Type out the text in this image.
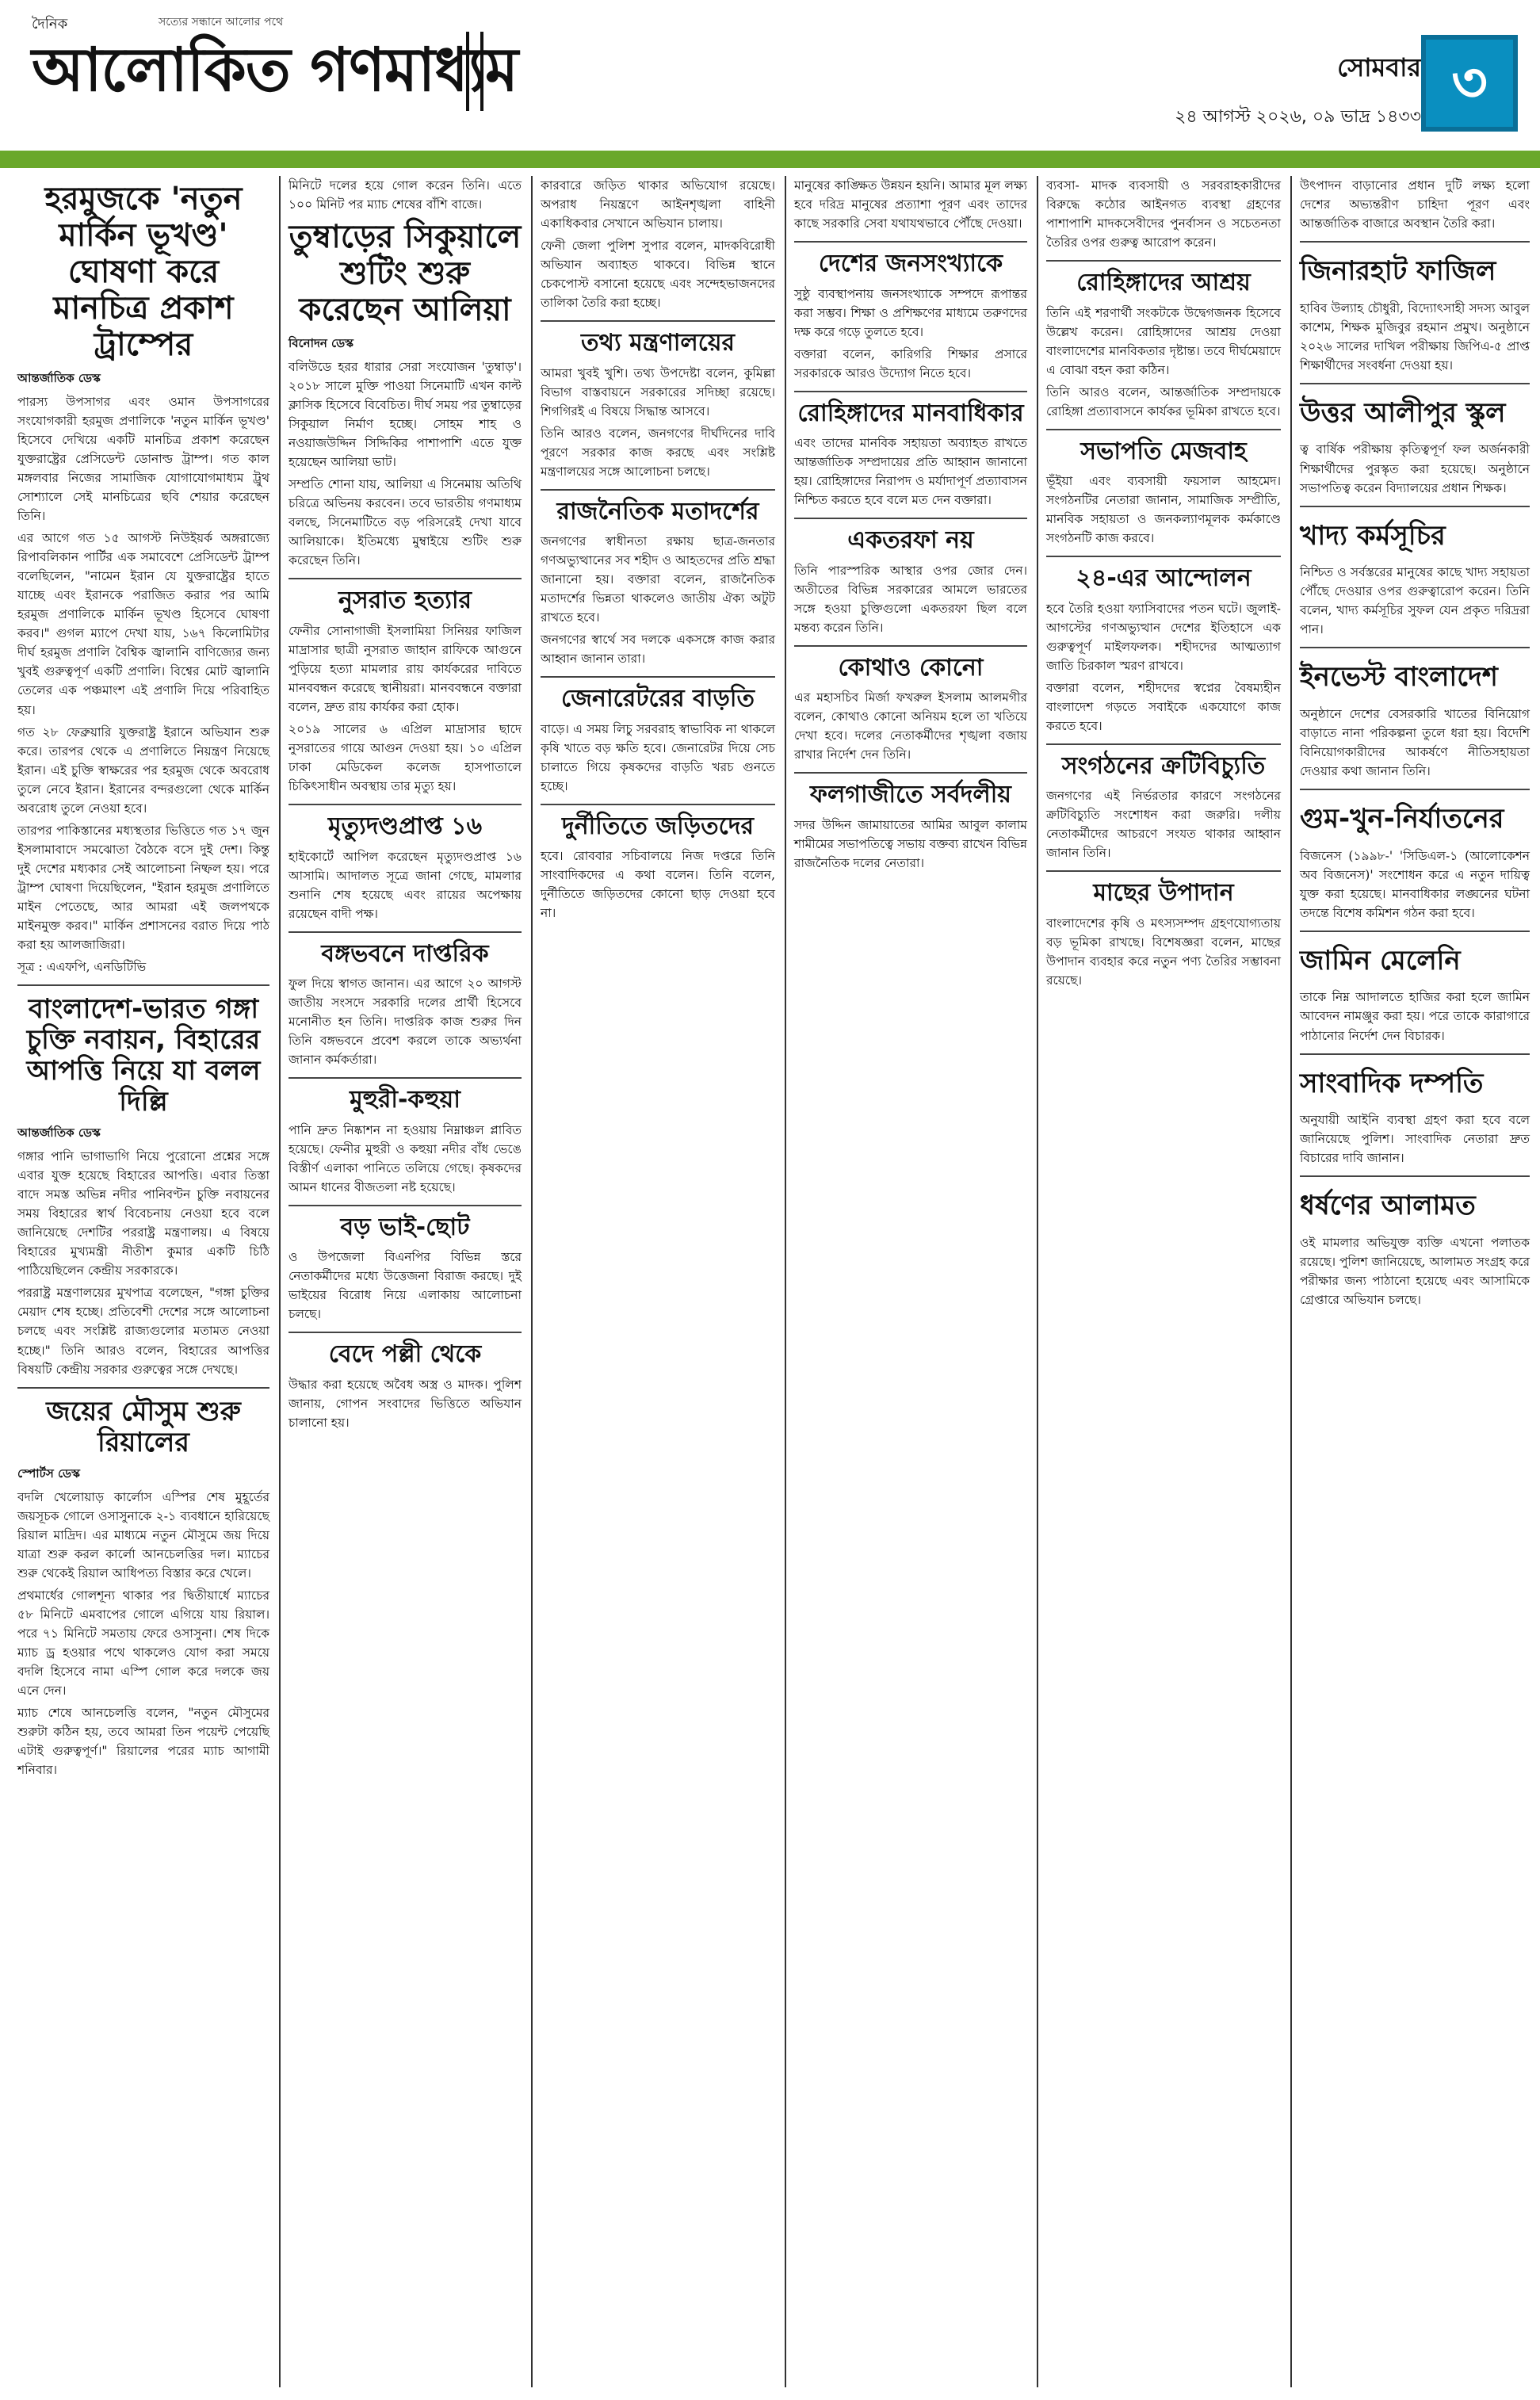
দৈনিক	সত্যের সন্ধানে আলোর পথে
আলোকিত গণমাধ্যম	সোমবার
২৪ আগস্ট ২০২৬, ০৯ ভাদ্র ১৪৩৩
৩
হরমুজকে 'নতুন মার্কিন ভূখণ্ড' ঘোষণা করে মানচিত্র প্রকাশ ট্রাম্পের
আন্তর্জাতিক ডেস্ক

পারস্য উপসাগর এবং ওমান উপসাগরের সংযোগকারী হরমুজ প্রণালিকে 'নতুন মার্কিন ভূখণ্ড' হিসেবে দেখিয়ে একটি মানচিত্র প্রকাশ করেছেন যুক্তরাষ্ট্রের প্রেসিডেন্ট ডোনাল্ড ট্রাম্প। গত কাল মঙ্গলবার নিজের সামাজিক যোগাযোগমাধ্যম ট্রুথ সোশ্যালে সেই মানচিত্রের ছবি শেয়ার করেছেন তিনি।

এর আগে গত ১৫ আগস্ট নিউইয়র্ক অঙ্গরাজ্যে রিপাবলিকান পার্টির এক সমাবেশে প্রেসিডেন্ট ট্রাম্প বলেছিলেন, "নামেন ইরান যে যুক্তরাষ্ট্রের হাতে যাচ্ছে এবং ইরানকে পরাজিত করার পর আমি হরমুজ প্রণালিকে মার্কিন ভূখণ্ড হিসেবে ঘোষণা করব।" গুগল ম্যাপে দেখা যায়, ১৬৭ কিলোমিটার দীর্ঘ হরমুজ প্রণালি বৈশ্বিক জ্বালানি বাণিজ্যের জন্য খুবই গুরুত্বপূর্ণ একটি প্রণালি। বিশ্বের মোট জ্বালানি তেলের এক পঞ্চমাংশ এই প্রণালি দিয়ে পরিবাহিত হয়।

গত ২৮ ফেব্রুয়ারি যুক্তরাষ্ট্র ইরানে অভিযান শুরু করে। তারপর থেকে এ প্রণালিতে নিয়ন্ত্রণ নিয়েছে ইরান। এই চুক্তি স্বাক্ষরের পর হরমুজ থেকে অবরোধ তুলে নেবে ইরান। ইরানের বন্দরগুলো থেকে মার্কিন অবরোধ তুলে নেওয়া হবে।

তারপর পাকিস্তানের মধ্যস্থতার ভিত্তিতে গত ১৭ জুন ইসলামাবাদে সমঝোতা বৈঠকে বসে দুই দেশ। কিন্তু দুই দেশের মধ্যকার সেই আলোচনা নিষ্ফল হয়। পরে ট্রাম্প ঘোষণা দিয়েছিলেন, "ইরান হরমুজ প্রণালিতে মাইন পেতেছে, আর আমরা এই জলপথকে মাইনমুক্ত করব।" মার্কিন প্রশাসনের বরাত দিয়ে পাঠ করা হয় আলজাজিরা।

সূত্র : এএফপি, এনডিটিভি

বাংলাদেশ-ভারত গঙ্গা চুক্তি নবায়ন, বিহারের আপত্তি নিয়ে যা বলল দিল্লি
আন্তর্জাতিক ডেস্ক

গঙ্গার পানি ভাগাভাগি নিয়ে পুরোনো প্রশ্নের সঙ্গে এবার যুক্ত হয়েছে বিহারের আপত্তি। এবার তিস্তা বাদে সমস্ত অভিন্ন নদীর পানিবণ্টন চুক্তি নবায়নের সময় বিহারের স্বার্থ বিবেচনায় নেওয়া হবে বলে জানিয়েছে দেশটির পররাষ্ট্র মন্ত্রণালয়। এ বিষয়ে বিহারের মুখ্যমন্ত্রী নীতীশ কুমার একটি চিঠি পাঠিয়েছিলেন কেন্দ্রীয় সরকারকে।

পররাষ্ট্র মন্ত্রণালয়ের মুখপাত্র বলেছেন, "গঙ্গা চুক্তির মেয়াদ শেষ হচ্ছে। প্রতিবেশী দেশের সঙ্গে আলোচনা চলছে এবং সংশ্লিষ্ট রাজ্যগুলোর মতামত নেওয়া হচ্ছে।" তিনি আরও বলেন, বিহারের আপত্তির বিষয়টি কেন্দ্রীয় সরকার গুরুত্বের সঙ্গে দেখছে।

জয়ের মৌসুম শুরু রিয়ালের
স্পোর্টস ডেস্ক

বদলি খেলোয়াড় কার্লোস এস্পির শেষ মুহূর্তের জয়সূচক গোলে ওসাসুনাকে ২-১ ব্যবধানে হারিয়েছে রিয়াল মাদ্রিদ। এর মাধ্যমে নতুন মৌসুমে জয় দিয়ে যাত্রা শুরু করল কার্লো আনচেলত্তির দল। ম্যাচের শুরু থেকেই রিয়াল আধিপত্য বিস্তার করে খেলে।

প্রথমার্ধের গোলশূন্য থাকার পর দ্বিতীয়ার্ধে ম্যাচের ৫৮ মিনিটে এমবাপের গোলে এগিয়ে যায় রিয়াল। পরে ৭১ মিনিটে সমতায় ফেরে ওসাসুনা। শেষ দিকে ম্যাচ ড্র হওয়ার পথে থাকলেও যোগ করা সময়ে বদলি হিসেবে নামা এস্পি গোল করে দলকে জয় এনে দেন।

ম্যাচ শেষে আনচেলত্তি বলেন, "নতুন মৌসুমের শুরুটা কঠিন হয়, তবে আমরা তিন পয়েন্ট পেয়েছি এটাই গুরুত্বপূর্ণ।" রিয়ালের পরের ম্যাচ আগামী শনিবার।

মিনিটে দলের হয়ে গোল করেন তিনি। এতে ১০০ মিনিট পর ম্যাচ শেষের বাঁশি বাজে।

তুম্বাড়ের সিকুয়ালে শুটিং শুরু করেছেন আলিয়া
বিনোদন ডেস্ক

বলিউডে হরর ধারার সেরা সংযোজন 'তুম্বাড়'। ২০১৮ সালে মুক্তি পাওয়া সিনেমাটি এখন কাল্ট ক্লাসিক হিসেবে বিবেচিত। দীর্ঘ সময় পর তুম্বাড়ের সিকুয়াল নির্মাণ হচ্ছে। সোহম শাহ ও নওয়াজউদ্দিন সিদ্দিকির পাশাপাশি এতে যুক্ত হয়েছেন আলিয়া ভাট।

সম্প্রতি শোনা যায়, আলিয়া এ সিনেমায় অতিথি চরিত্রে অভিনয় করবেন। তবে ভারতীয় গণমাধ্যম বলছে, সিনেমাটিতে বড় পরিসরেই দেখা যাবে আলিয়াকে। ইতিমধ্যে মুম্বাইয়ে শুটিং শুরু করেছেন তিনি।

নুসরাত হত্যার

ফেনীর সোনাগাজী ইসলামিয়া সিনিয়র ফাজিল মাদ্রাসার ছাত্রী নুসরাত জাহান রাফিকে আগুনে পুড়িয়ে হত্যা মামলার রায় কার্যকরের দাবিতে মানববন্ধন করেছে স্থানীয়রা। মানববন্ধনে বক্তারা বলেন, দ্রুত রায় কার্যকর করা হোক।

২০১৯ সালের ৬ এপ্রিল মাদ্রাসার ছাদে নুসরাতের গায়ে আগুন দেওয়া হয়। ১০ এপ্রিল ঢাকা মেডিকেল কলেজ হাসপাতালে চিকিৎসাধীন অবস্থায় তার মৃত্যু হয়।

মৃত্যুদণ্ডপ্রাপ্ত ১৬

হাইকোর্টে আপিল করেছেন মৃত্যুদণ্ডপ্রাপ্ত ১৬ আসামি। আদালত সূত্রে জানা গেছে, মামলার শুনানি শেষ হয়েছে এবং রায়ের অপেক্ষায় রয়েছেন বাদী পক্ষ।

বঙ্গভবনে দাপ্তরিক

ফুল দিয়ে স্বাগত জানান। এর আগে ২০ আগস্ট জাতীয় সংসদে সরকারি দলের প্রার্থী হিসেবে মনোনীত হন তিনি। দাপ্তরিক কাজ শুরুর দিন তিনি বঙ্গভবনে প্রবেশ করলে তাকে অভ্যর্থনা জানান কর্মকর্তারা।

মুহুরী-কহুয়া

পানি দ্রুত নিষ্কাশন না হওয়ায় নিম্নাঞ্চল প্লাবিত হয়েছে। ফেনীর মুহুরী ও কহুয়া নদীর বাঁধ ভেঙে বিস্তীর্ণ এলাকা পানিতে তলিয়ে গেছে। কৃষকদের আমন ধানের বীজতলা নষ্ট হয়েছে।

বড় ভাই-ছোট

ও উপজেলা বিএনপির বিভিন্ন স্তরে নেতাকর্মীদের মধ্যে উত্তেজনা বিরাজ করছে। দুই ভাইয়ের বিরোধ নিয়ে এলাকায় আলোচনা চলছে।

বেদে পল্লী থেকে

উদ্ধার করা হয়েছে অবৈধ অস্ত্র ও মাদক। পুলিশ জানায়, গোপন সংবাদের ভিত্তিতে অভিযান চালানো হয়।

কারবারে জড়িত থাকার অভিযোগ রয়েছে। অপরাধ নিয়ন্ত্রণে আইনশৃঙ্খলা বাহিনী একাধিকবার সেখানে অভিযান চালায়।

ফেনী জেলা পুলিশ সুপার বলেন, মাদকবিরোধী অভিযান অব্যাহত থাকবে। বিভিন্ন স্থানে চেকপোস্ট বসানো হয়েছে এবং সন্দেহভাজনদের তালিকা তৈরি করা হচ্ছে।

তথ্য মন্ত্রণালয়ের

আমরা খুবই খুশি। তথ্য উপদেষ্টা বলেন, কুমিল্লা বিভাগ বাস্তবায়নে সরকারের সদিচ্ছা রয়েছে। শিগগিরই এ বিষয়ে সিদ্ধান্ত আসবে।

তিনি আরও বলেন, জনগণের দীর্ঘদিনের দাবি পূরণে সরকার কাজ করছে এবং সংশ্লিষ্ট মন্ত্রণালয়ের সঙ্গে আলোচনা চলছে।

রাজনৈতিক মতাদর্শের

জনগণের স্বাধীনতা রক্ষায় ছাত্র-জনতার গণঅভ্যুত্থানের সব শহীদ ও আহতদের প্রতি শ্রদ্ধা জানানো হয়। বক্তারা বলেন, রাজনৈতিক মতাদর্শের ভিন্নতা থাকলেও জাতীয় ঐক্য অটুট রাখতে হবে।

জনগণের স্বার্থে সব দলকে একসঙ্গে কাজ করার আহ্বান জানান তারা।

জেনারেটরের বাড়তি

বাড়ে। এ সময় লিচু সরবরাহ স্বাভাবিক না থাকলে কৃষি খাতে বড় ক্ষতি হবে। জেনারেটর দিয়ে সেচ চালাতে গিয়ে কৃষকদের বাড়তি খরচ গুনতে হচ্ছে।

দুর্নীতিতে জড়িতদের

হবে। রোববার সচিবালয়ে নিজ দপ্তরে তিনি সাংবাদিকদের এ কথা বলেন। তিনি বলেন, দুর্নীতিতে জড়িতদের কোনো ছাড় দেওয়া হবে না।

মানুষের কাঙ্ক্ষিত উন্নয়ন হয়নি। আমার মূল লক্ষ্য হবে দরিদ্র মানুষের প্রত্যাশা পূরণ এবং তাদের কাছে সরকারি সেবা যথাযথভাবে পৌঁছে দেওয়া।

দেশের জনসংখ্যাকে

সুষ্ঠু ব্যবস্থাপনায় জনসংখ্যাকে সম্পদে রূপান্তর করা সম্ভব। শিক্ষা ও প্রশিক্ষণের মাধ্যমে তরুণদের দক্ষ করে গড়ে তুলতে হবে।

বক্তারা বলেন, কারিগরি শিক্ষার প্রসারে সরকারকে আরও উদ্যোগ নিতে হবে।

রোহিঙ্গাদের মানবাধিকার

এবং তাদের মানবিক সহায়তা অব্যাহত রাখতে আন্তর্জাতিক সম্প্রদায়ের প্রতি আহ্বান জানানো হয়। রোহিঙ্গাদের নিরাপদ ও মর্যাদাপূর্ণ প্রত্যাবাসন নিশ্চিত করতে হবে বলে মত দেন বক্তারা।

একতরফা নয়

তিনি পারস্পরিক আস্থার ওপর জোর দেন। অতীতের বিভিন্ন সরকারের আমলে ভারতের সঙ্গে হওয়া চুক্তিগুলো একতরফা ছিল বলে মন্তব্য করেন তিনি।

কোথাও কোনো

এর মহাসচিব মির্জা ফখরুল ইসলাম আলমগীর বলেন, কোথাও কোনো অনিয়ম হলে তা খতিয়ে দেখা হবে। দলের নেতাকর্মীদের শৃঙ্খলা বজায় রাখার নির্দেশ দেন তিনি।

ফলগাজীতে সর্বদলীয়

সদর উদ্দিন জামায়াতের আমির আবুল কালাম শামীমের সভাপতিত্বে সভায় বক্তব্য রাখেন বিভিন্ন রাজনৈতিক দলের নেতারা।

ব্যবসা- মাদক ব্যবসায়ী ও সরবরাহকারীদের বিরুদ্ধে কঠোর আইনগত ব্যবস্থা গ্রহণের পাশাপাশি মাদকসেবীদের পুনর্বাসন ও সচেতনতা তৈরির ওপর গুরুত্ব আরোপ করেন।

রোহিঙ্গাদের আশ্রয়

তিনি এই শরণার্থী সংকটকে উদ্বেগজনক হিসেবে উল্লেখ করেন। রোহিঙ্গাদের আশ্রয় দেওয়া বাংলাদেশের মানবিকতার দৃষ্টান্ত। তবে দীর্ঘমেয়াদে এ বোঝা বহন করা কঠিন।

তিনি আরও বলেন, আন্তর্জাতিক সম্প্রদায়কে রোহিঙ্গা প্রত্যাবাসনে কার্যকর ভূমিকা রাখতে হবে।

সভাপতি মেজবাহ

ভূঁইয়া এবং ব্যবসায়ী ফয়সাল আহমেদ। সংগঠনটির নেতারা জানান, সামাজিক সম্প্রীতি, মানবিক সহায়তা ও জনকল্যাণমূলক কর্মকাণ্ডে সংগঠনটি কাজ করবে।

২৪-এর আন্দোলন

হবে তৈরি হওয়া ফ্যাসিবাদের পতন ঘটে। জুলাই-আগস্টের গণঅভ্যুত্থান দেশের ইতিহাসে এক গুরুত্বপূর্ণ মাইলফলক। শহীদদের আত্মত্যাগ জাতি চিরকাল স্মরণ রাখবে।

বক্তারা বলেন, শহীদদের স্বপ্নের বৈষম্যহীন বাংলাদেশ গড়তে সবাইকে একযোগে কাজ করতে হবে।

সংগঠনের ক্রটিবিচ্যুতি

জনগণের এই নির্ভরতার কারণে সংগঠনের ক্রটিবিচ্যুতি সংশোধন করা জরুরি। দলীয় নেতাকর্মীদের আচরণে সংযত থাকার আহ্বান জানান তিনি।

মাছের উপাদান

বাংলাদেশের কৃষি ও মৎস্যসম্পদ গ্রহণযোগ্যতায় বড় ভূমিকা রাখছে। বিশেষজ্ঞরা বলেন, মাছের উপাদান ব্যবহার করে নতুন পণ্য তৈরির সম্ভাবনা রয়েছে।

উৎপাদন বাড়ানোর প্রধান দুটি লক্ষ্য হলো দেশের অভ্যন্তরীণ চাহিদা পূরণ এবং আন্তর্জাতিক বাজারে অবস্থান তৈরি করা।

জিনারহাট ফাজিল

হাবিব উল্যাহ চৌধুরী, বিদ্যোৎসাহী সদস্য আবুল কাশেম, শিক্ষক মুজিবুর রহমান প্রমুখ। অনুষ্ঠানে ২০২৬ সালের দাখিল পরীক্ষায় জিপিএ-৫ প্রাপ্ত শিক্ষার্থীদের সংবর্ধনা দেওয়া হয়।

উত্তর আলীপুর স্কুল

ত্ব বার্ষিক পরীক্ষায় কৃতিত্বপূর্ণ ফল অর্জনকারী শিক্ষার্থীদের পুরস্কৃত করা হয়েছে। অনুষ্ঠানে সভাপতিত্ব করেন বিদ্যালয়ের প্রধান শিক্ষক।

খাদ্য কর্মসূচির

নিশ্চিত ও সর্বস্তরের মানুষের কাছে খাদ্য সহায়তা পৌঁছে দেওয়ার ওপর গুরুত্বারোপ করেন। তিনি বলেন, খাদ্য কর্মসূচির সুফল যেন প্রকৃত দরিদ্ররা পান।

ইনভেস্ট বাংলাদেশ

অনুষ্ঠানে দেশের বেসরকারি খাতের বিনিয়োগ বাড়াতে নানা পরিকল্পনা তুলে ধরা হয়। বিদেশি বিনিয়োগকারীদের আকর্ষণে নীতিসহায়তা দেওয়ার কথা জানান তিনি।

গুম-খুন-নির্যাতনের

বিজনেস (১৯৯৮-' 'সিডিএল-১ (আলোকেশন অব বিজনেস)' সংশোধন করে এ নতুন দায়িত্ব যুক্ত করা হয়েছে। মানবাধিকার লঙ্ঘনের ঘটনা তদন্তে বিশেষ কমিশন গঠন করা হবে।

জামিন মেলেনি

তাকে নিম্ন আদালতে হাজির করা হলে জামিন আবেদন নামঞ্জুর করা হয়। পরে তাকে কারাগারে পাঠানোর নির্দেশ দেন বিচারক।

সাংবাদিক দম্পতি

অনুযায়ী আইনি ব্যবস্থা গ্রহণ করা হবে বলে জানিয়েছে পুলিশ। সাংবাদিক নেতারা দ্রুত বিচারের দাবি জানান।

ধর্ষণের আলামত

ওই মামলার অভিযুক্ত ব্যক্তি এখনো পলাতক রয়েছে। পুলিশ জানিয়েছে, আলামত সংগ্রহ করে পরীক্ষার জন্য পাঠানো হয়েছে এবং আসামিকে গ্রেপ্তারে অভিযান চলছে।
